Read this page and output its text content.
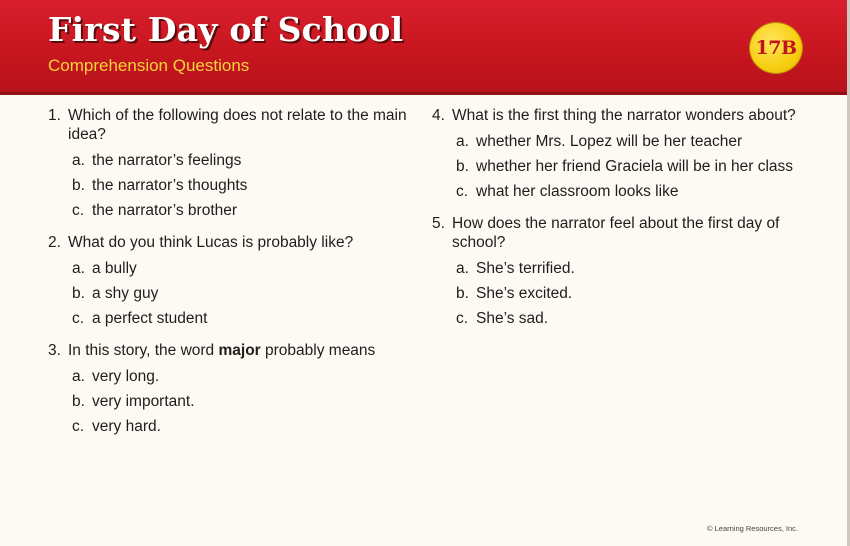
First Day of School
Comprehension Questions
17B
1. Which of the following does not relate to the main idea?
a. the narrator’s feelings
b. the narrator’s thoughts
c. the narrator’s brother
2. What do you think Lucas is probably like?
a. a bully
b. a shy guy
c. a perfect student
3. In this story, the word major probably means
a. very long.
b. very important.
c. very hard.
4. What is the first thing the narrator wonders about?
a. whether Mrs. Lopez will be her teacher
b. whether her friend Graciela will be in her class
c. what her classroom looks like
5. How does the narrator feel about the first day of school?
a. She’s terrified.
b. She’s excited.
c. She’s sad.
© Learning Resources, Inc.
